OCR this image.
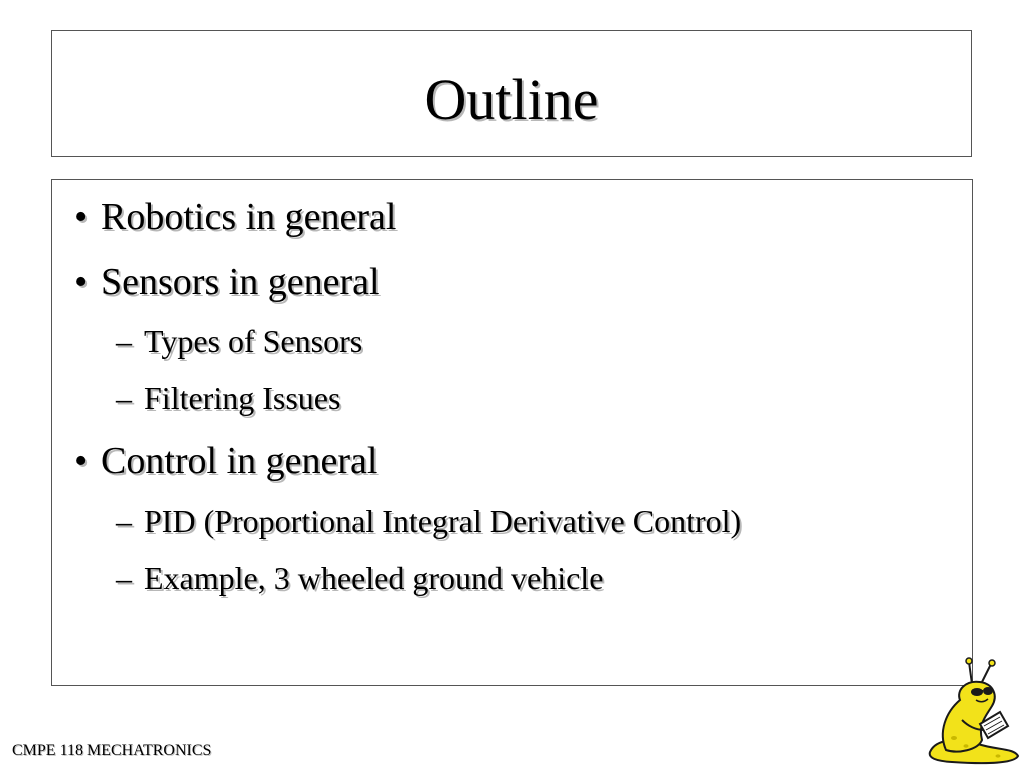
Outline
• Robotics in general
• Sensors in general
– Types of Sensors
– Filtering Issues
• Control in general
– PID (Proportional Integral Derivative Control)
– Example, 3 wheeled ground vehicle
CMPE 118 MECHATRONICS
